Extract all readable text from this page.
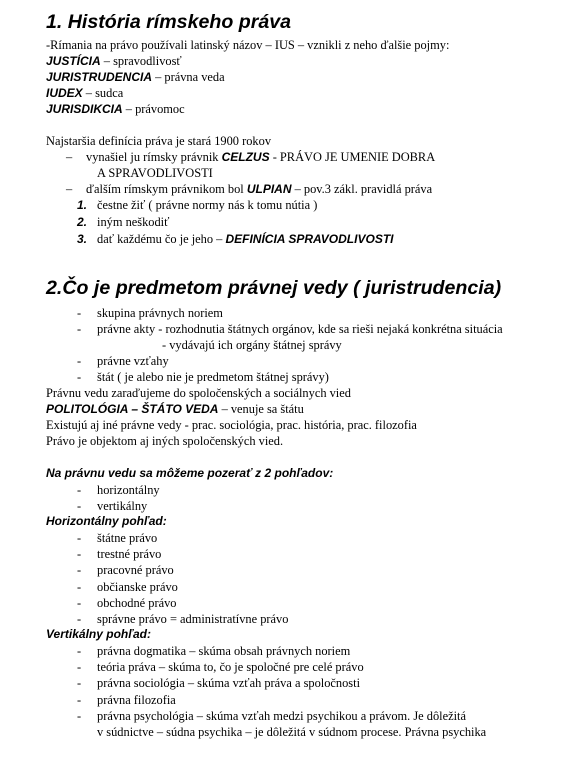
1. História rímskeho práva
-Rímania na právo používali latinský názov – IUS – vznikli z neho ďalšie pojmy:
JUSTÍCIA – spravodlivosť
JURISTRUDENCIA – právna veda
IUDEX – sudca
JURISDIKCIA – právomoc
Najstaršia definícia práva je stará 1900 rokov
– vynašiel ju rímsky právnik CELZUS - PRÁVO JE UMENIE DOBRA
A SPRAVODLIVOSTI
– ďalším rímskym právnikom bol ULPIAN – pov.3 zákl. pravidlá práva
1. čestne žiť ( právne normy nás k tomu nútia )
2. iným neškodiť
3. dať každému čo je jeho – DEFINÍCIA SPRAVODLIVOSTI
2.Čo je predmetom právnej vedy ( juristrudencia)
- skupina právnych noriem
- právne akty - rozhodnutia štátnych orgánov, kde sa rieši nejaká konkrétna situácia
- vydávajú ich orgány štátnej správy
- právne vzťahy
- štát ( je alebo nie je predmetom štátnej správy)
Právnu vedu zaraďujeme do spoločenských a sociálnych vied
POLITOLÓGIA – ŠTÁTO VEDA – venuje sa štátu
Existujú aj iné právne vedy - prac. sociológia, prac. história, prac. filozofia
Právo je objektom aj iných spoločenských vied.
Na právnu vedu sa môžeme pozerať z 2 pohľadov:
- horizontálny
- vertikálny
Horizontálny pohľad:
- štátne právo
- trestné právo
- pracovné právo
- občianske právo
- obchodné právo
- správne právo = administratívne právo
Vertikálny pohľad:
- právna dogmatika – skúma obsah právnych noriem
- teória práva – skúma to, čo je spoločné pre celé právo
- právna sociológia – skúma vzťah práva a spoločnosti
- právna filozofia
- právna psychológia – skúma vzťah medzi psychikou a právom. Je dôležitá
v súdnictve – súdna psychika – je dôležitá v súdnom procese. Právna psychika
